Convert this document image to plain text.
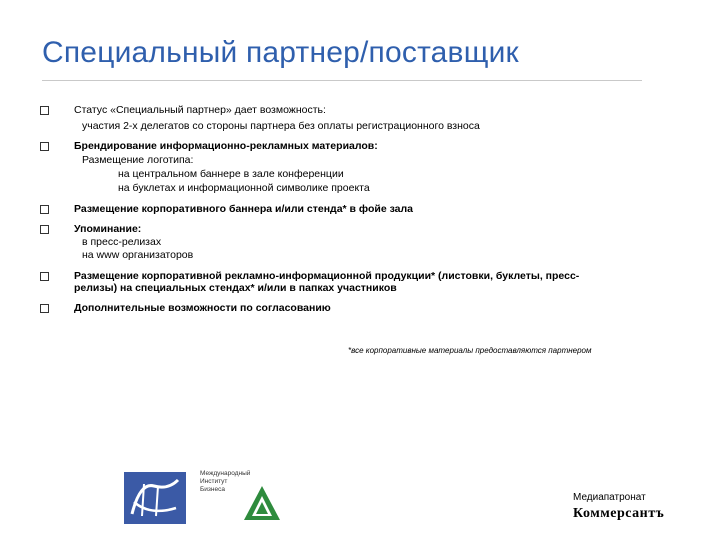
Специальный партнер/поставщик
Статус «Специальный партнер» дает возможность:
участия 2-х делегатов со стороны партнера без оплаты регистрационного взноса
Брендирование информационно-рекламных материалов:
Размещение логотипа:
на центральном баннере в зале конференции
на буклетах и информационной символике проекта
Размещение корпоративного баннера и/или стенда* в фойе зала
Упоминание:
в пресс-релизах
на www организаторов
Размещение корпоративной рекламно-информационной продукции* (листовки, буклеты, пресс-
релизы) на специальных стендах* и/или в папках участников
Дополнительные возможности по согласованию
*все корпоративные материалы предоставляются партнером
Международный
Институт
Бизнеса
Медиапатронат
Коммерсантъ
